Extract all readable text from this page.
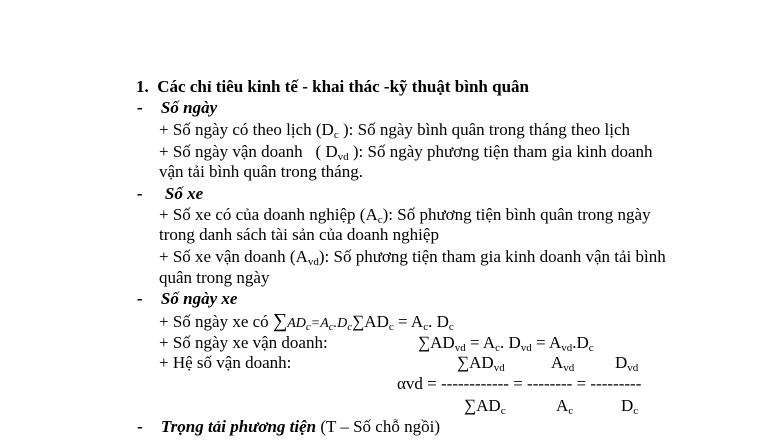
1. Các chỉ tiêu kinh tế - khai thác -kỹ thuật bình quân
- Số ngày
+ Số ngày có theo lịch ($D_c$ ): Số ngày bình quân trong tháng theo lịch
+ Số ngày vận doanh ( $D_{vd}$ ): Số ngày phương tiện tham gia kinh doanh
vận tải bình quân trong tháng.
- Số xe
+ Số xe có của doanh nghiệp $(A_c)$: Số phương tiện bình quân trong ngày
trong danh sách tài sản của doanh nghiệp
+ Số xe vận doanh $(A_{vd})$: Số phương tiện tham gia kinh doanh vận tải bình
quân trong ngày
- Số ngày xe
+ Số ngày xe có $\sum AD_c=A_c.D_c\sum AD_c = A_c$. $D_c$
+ Số ngày xe vận doanh:	$\sum AD_{vd} = A_c$. $D_{vd} = A_{vd}.D_c$
+ Hệ số vận doanh:	$\sum AD_{vd}$	$A_{vd}$ $D_{vd}$
αvd = ------------ = -------- = ---------
$\sum AD_c$	$A_c$	$D_c$
- Trọng tải phương tiện (T – Số chỗ ngồi)
